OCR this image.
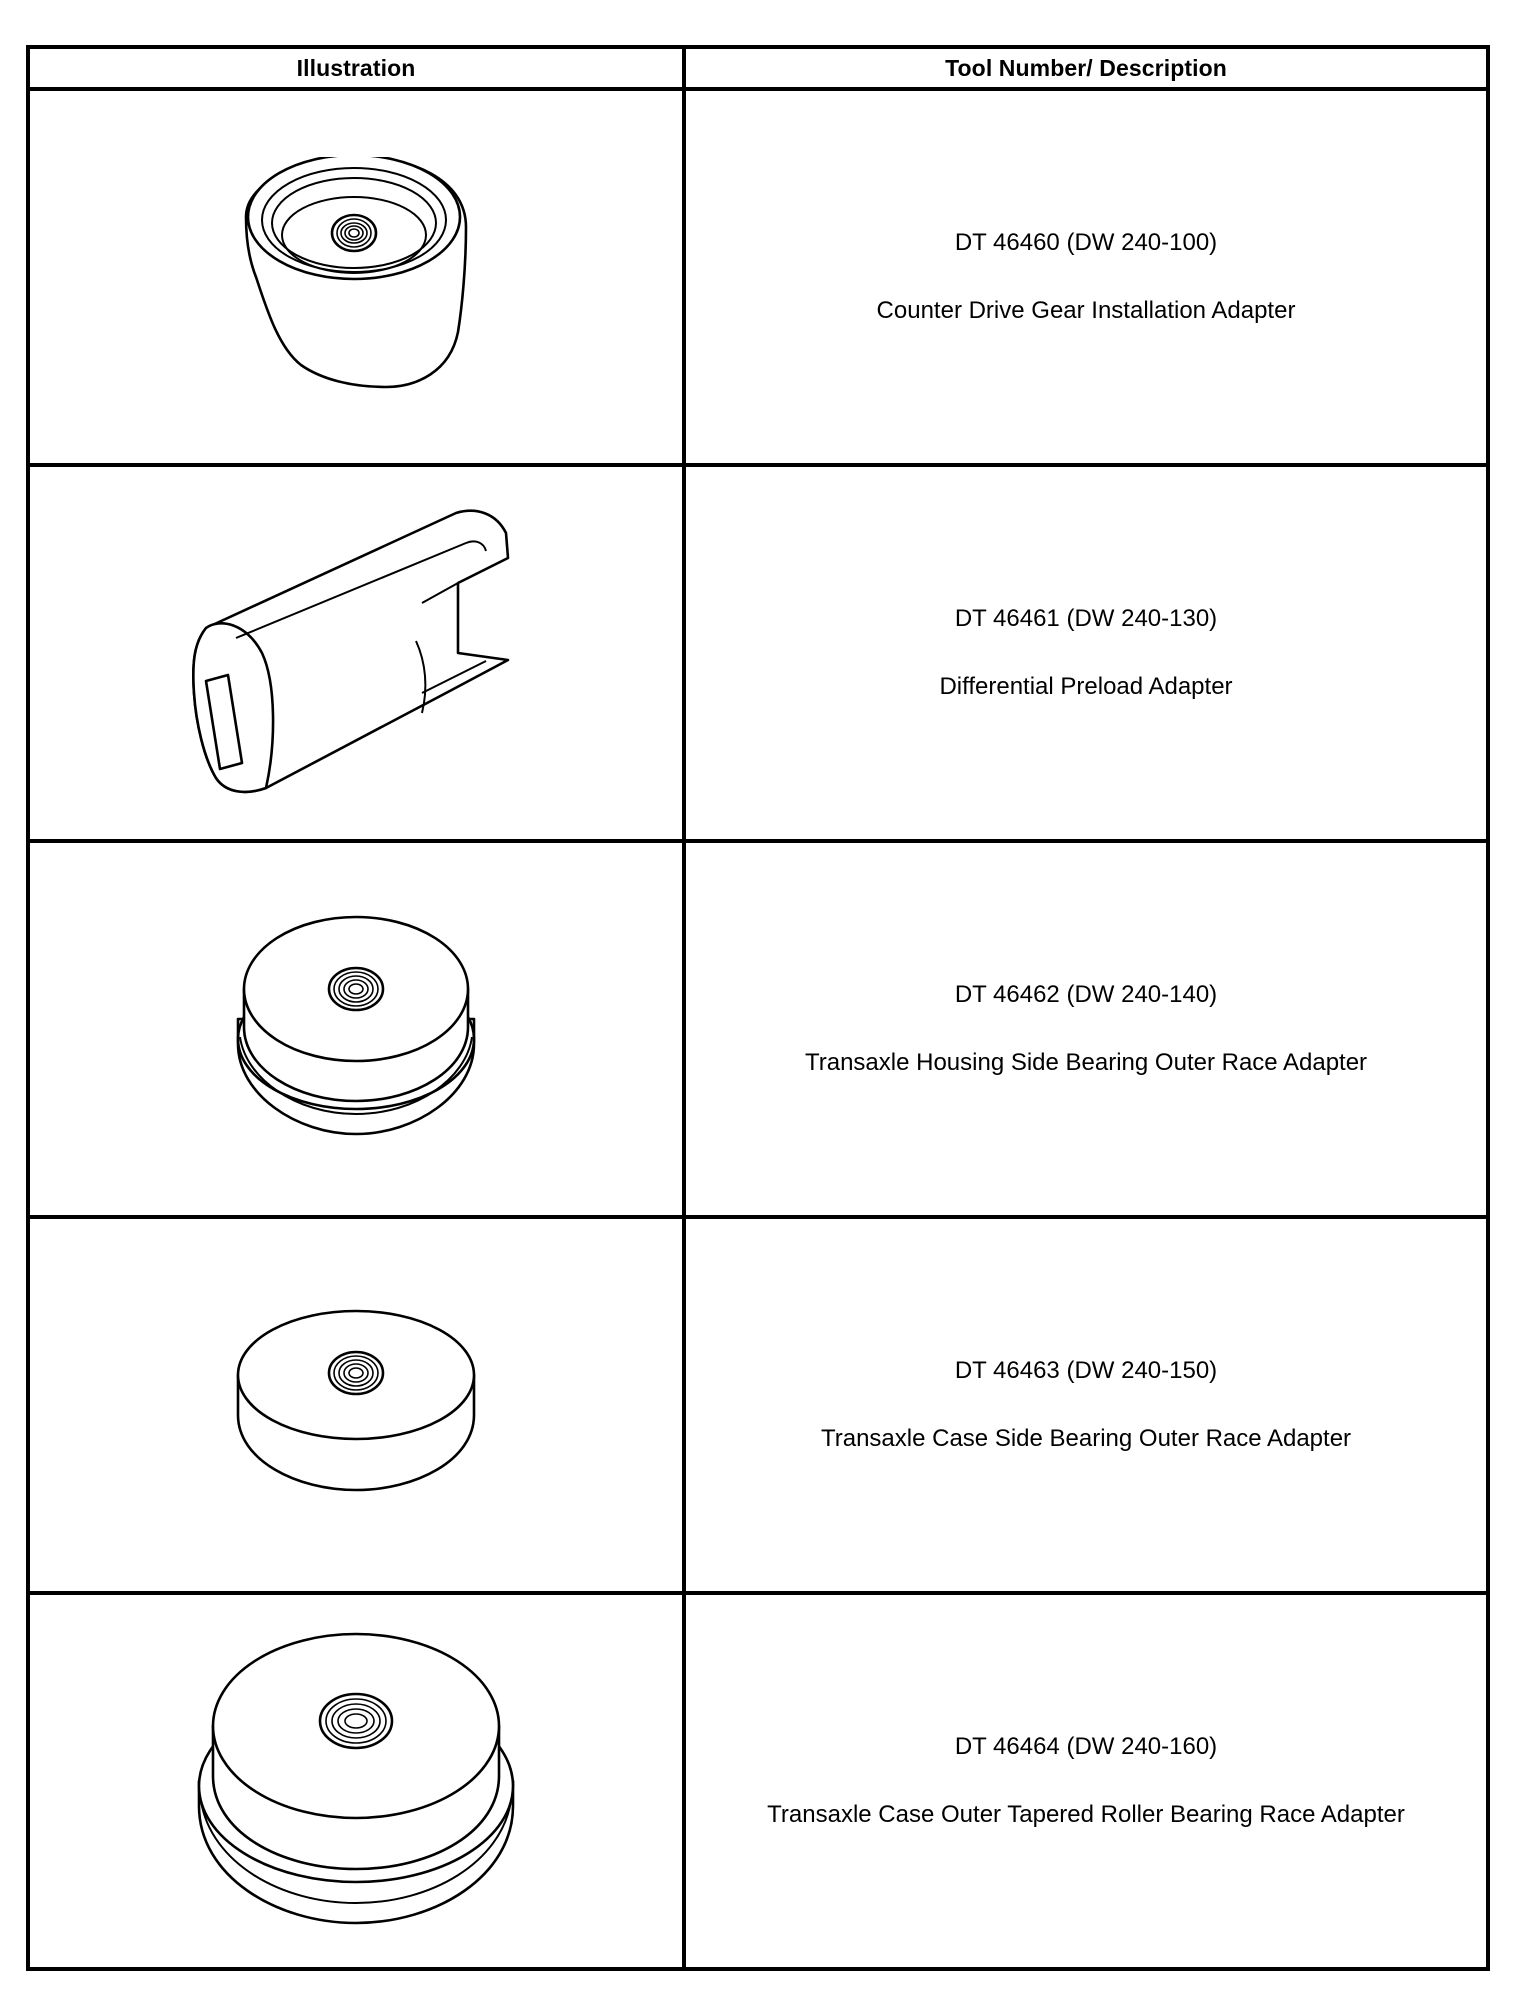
Illustration	Tool Number/ Description

DT 46460 (DW 240-100)
Counter Drive Gear Installation Adapter

DT 46461 (DW 240-130)
Differential Preload Adapter

DT 46462 (DW 240-140)
Transaxle Housing Side Bearing Outer Race Adapter

DT 46463 (DW 240-150)
Transaxle Case Side Bearing Outer Race Adapter

DT 46464 (DW 240-160)
Transaxle Case Outer Tapered Roller Bearing Race Adapter
